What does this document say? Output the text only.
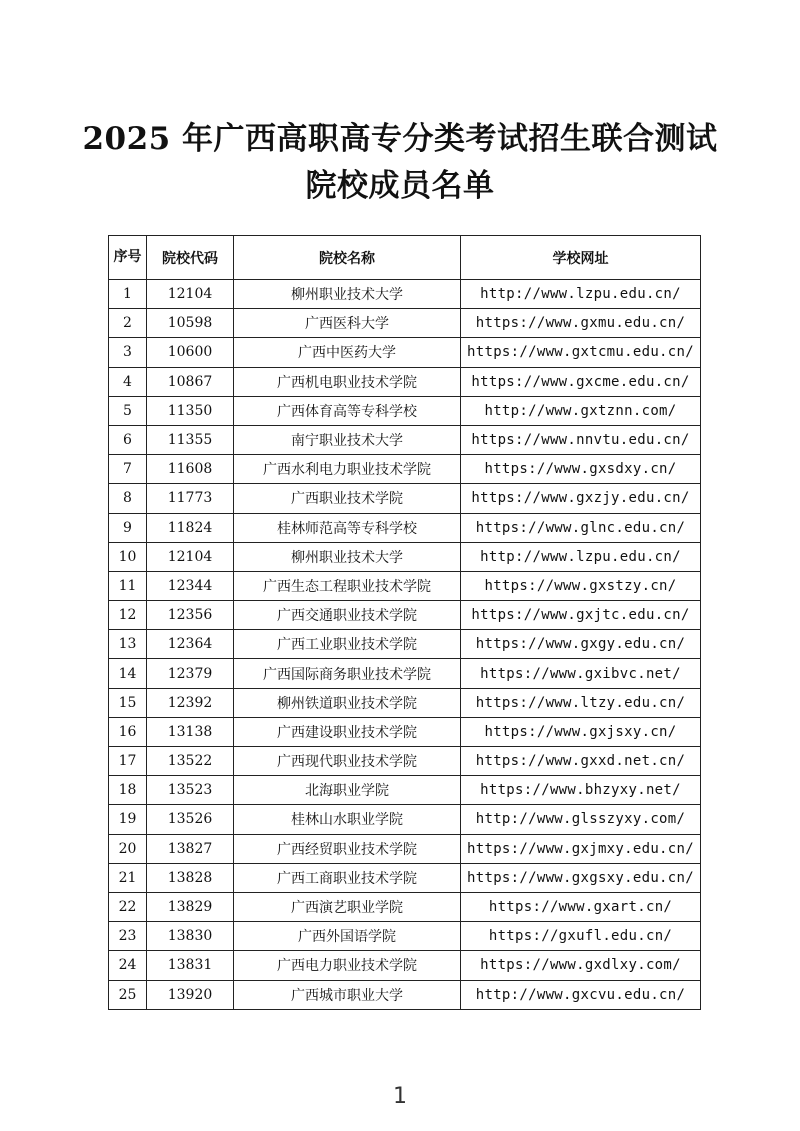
2025 年广西高职高专分类考试招生联合测试
院校成员名单
序号	院校代码	院校名称	学校网址
1	12104	柳州职业技术大学	http://www.lzpu.edu.cn/
2	10598	广西医科大学	https://www.gxmu.edu.cn/
3	10600	广西中医药大学	https://www.gxtcmu.edu.cn/
4	10867	广西机电职业技术学院	https://www.gxcme.edu.cn/
5	11350	广西体育高等专科学校	http://www.gxtznn.com/
6	11355	南宁职业技术大学	https://www.nnvtu.edu.cn/
7	11608	广西水利电力职业技术学院	https://www.gxsdxy.cn/
8	11773	广西职业技术学院	https://www.gxzjy.edu.cn/
9	11824	桂林师范高等专科学校	https://www.glnc.edu.cn/
10	12104	柳州职业技术大学	http://www.lzpu.edu.cn/
11	12344	广西生态工程职业技术学院	https://www.gxstzy.cn/
12	12356	广西交通职业技术学院	https://www.gxjtc.edu.cn/
13	12364	广西工业职业技术学院	https://www.gxgy.edu.cn/
14	12379	广西国际商务职业技术学院	https://www.gxibvc.net/
15	12392	柳州铁道职业技术学院	https://www.ltzy.edu.cn/
16	13138	广西建设职业技术学院	https://www.gxjsxy.cn/
17	13522	广西现代职业技术学院	https://www.gxxd.net.cn/
18	13523	北海职业学院	https://www.bhzyxy.net/
19	13526	桂林山水职业学院	http://www.glsszyxy.com/
20	13827	广西经贸职业技术学院	https://www.gxjmxy.edu.cn/
21	13828	广西工商职业技术学院	https://www.gxgsxy.edu.cn/
22	13829	广西演艺职业学院	https://www.gxart.cn/
23	13830	广西外国语学院	https://gxufl.edu.cn/
24	13831	广西电力职业技术学院	https://www.gxdlxy.com/
25	13920	广西城市职业大学	http://www.gxcvu.edu.cn/
1
